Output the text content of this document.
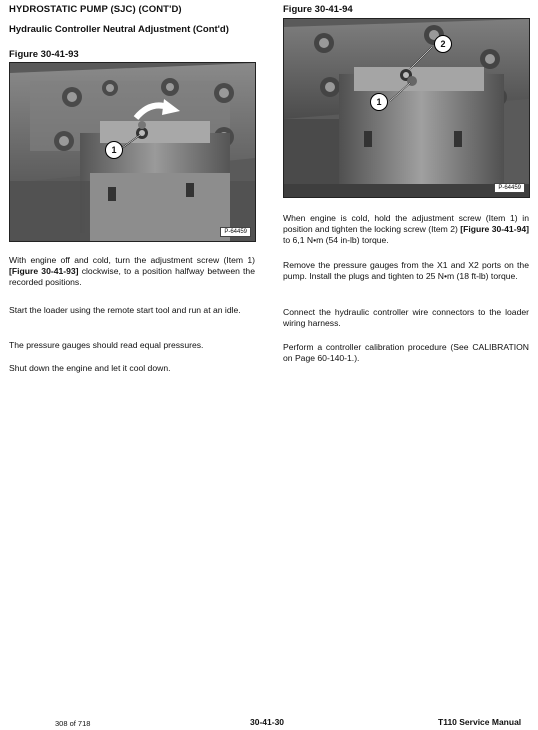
HYDROSTATIC PUMP (SJC) (CONT'D)
Hydraulic Controller Neutral Adjustment (Cont'd)
Figure 30-41-93
1
P-64459
Figure 30-41-94
1
2
P-64459
With engine off and cold, turn the adjustment screw (Item 1) [Figure 30-41-93] clockwise, to a position halfway between the recorded positions.
Start the loader using the remote start tool and run at an idle.
The pressure gauges should read equal pressures.
Shut down the engine and let it cool down.
When engine is cold, hold the adjustment screw (Item 1) in position and tighten the locking screw (Item 2) [Figure 30-41-94] to 6,1 N•m (54 in-lb) torque.
Remove the pressure gauges from the X1 and X2 ports on the pump. Install the plugs and tighten to 25 N•m (18 ft-lb) torque.
Connect the hydraulic controller wire connectors to the loader wiring harness.
Perform a controller calibration procedure (See CALIBRATION on Page 60-140-1.).
308 of 718	30-41-30	T110 Service Manual
